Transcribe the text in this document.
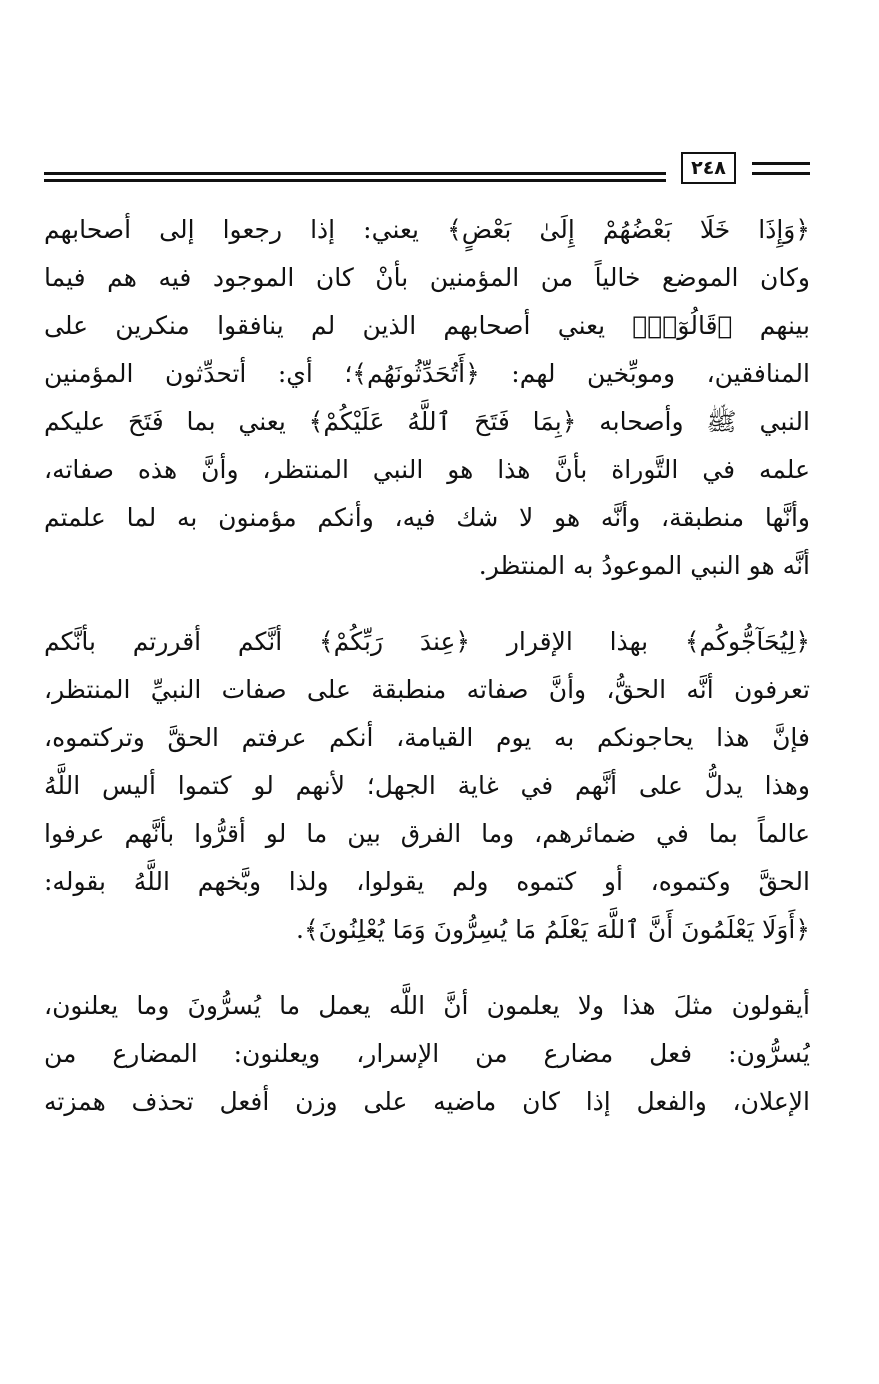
٢٤٨
﴿وَإِذَا خَلَا بَعْضُهُمْ إِلَىٰ بَعْضٍ﴾ يعني: إذا رجعوا إلى أصحابهم
وكان الموضع خالياً من المؤمنين بأنْ كان الموجود فيه هم فيما
بينهم ﴿قَالُوٓا۟﴾ يعني أصحابهم الذين لم ينافقوا منكرين على
المنافقين، وموبِّخين لهم: ﴿أَتُحَدِّثُونَهُم﴾؛ أي: أتحدِّثون المؤمنين
النبي ﷺ وأصحابه ﴿بِمَا فَتَحَ ٱللَّهُ عَلَيْكُمْ﴾ يعني بما فَتَحَ عليكم
علمه في التَّوراة بأنَّ هذا هو النبي المنتظر، وأنَّ هذه صفاته،
وأنَّها منطبقة، وأنَّه هو لا شك فيه، وأنكم مؤمنون به لما علمتم
أنَّه هو النبي الموعودُ به المنتظر.
﴿لِيُحَآجُّوكُم﴾ بهذا الإقرار ﴿عِندَ رَبِّكُمْ﴾ أنَّكم أقررتم بأنَّكم
تعرفون أنَّه الحقُّ، وأنَّ صفاته منطبقة على صفات النبيِّ المنتظر،
فإنَّ هذا يحاجونكم به يوم القيامة، أنكم عرفتم الحقَّ وتركتموه،
وهذا يدلُّ على أنَّهم في غاية الجهل؛ لأنهم لو كتموا أليس اللَّهُ
عالماً بما في ضمائرهم، وما الفرق بين ما لو أقرُّوا بأنَّهم عرفوا
الحقَّ وكتموه، أو كتموه ولم يقولوا، ولذا وبَّخهم اللَّهُ بقوله:
﴿أَوَلَا يَعْلَمُونَ أَنَّ ٱللَّهَ يَعْلَمُ مَا يُسِرُّونَ وَمَا يُعْلِنُونَ﴾.
أيقولون مثلَ هذا ولا يعلمون أنَّ اللَّه يعمل ما يُسرُّونَ وما يعلنون،
يُسرُّون: فعل مضارع من الإسرار، ويعلنون: المضارع من
الإعلان، والفعل إذا كان ماضيه على وزن أفعل تحذف همزته
